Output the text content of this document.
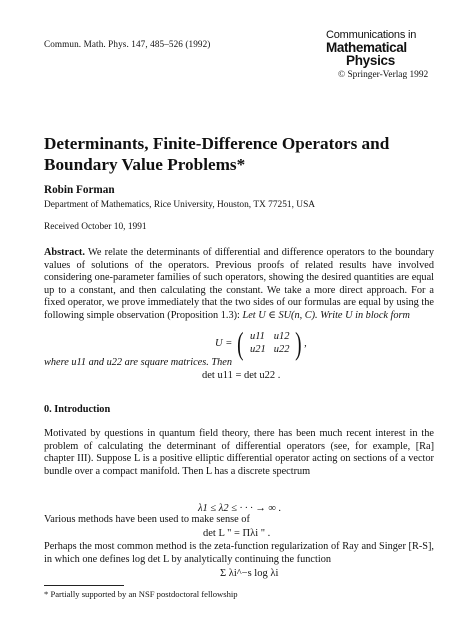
Commun. Math. Phys. 147, 485–526 (1992)
Communications in
Mathematical
Physics
© Springer-Verlag 1992
Determinants, Finite-Difference Operators and Boundary Value Problems*
Robin Forman
Department of Mathematics, Rice University, Houston, TX 77251, USA
Received October 10, 1991
Abstract. We relate the determinants of differential and difference operators to the boundary values of solutions of the operators. Previous proofs of related results have involved considering one-parameter families of such operators, showing the desired quantities are equal up to a constant, and then calculating the constant. We take a more direct approach. For a fixed operator, we prove immediately that the two sides of our formulas are equal by using the following simple observation (Proposition 1.3): Let U ∈ SU(n, C). Write U in block form
U = ( u11	u12
u21	u22 ) ,
where u11 and u22 are square matrices. Then
det u11 = det u22 .
0. Introduction
Motivated by questions in quantum field theory, there has been much recent interest in the problem of calculating the determinant of differential operators (see, for example, [Ra] chapter III). Suppose L is a positive elliptic differential operator acting on sections of a vector bundle over a compact manifold. Then L has a discrete spectrum
λ1 ≤ λ2 ≤ · · · → ∞ .
Various methods have been used to make sense of
det L " = Πλi " .
Perhaps the most common method is the zeta-function regularization of Ray and Singer [R-S], in which one defines log det L by analytically continuing the function
Σ λi^−s log λi
* Partially supported by an NSF postdoctoral fellowship
